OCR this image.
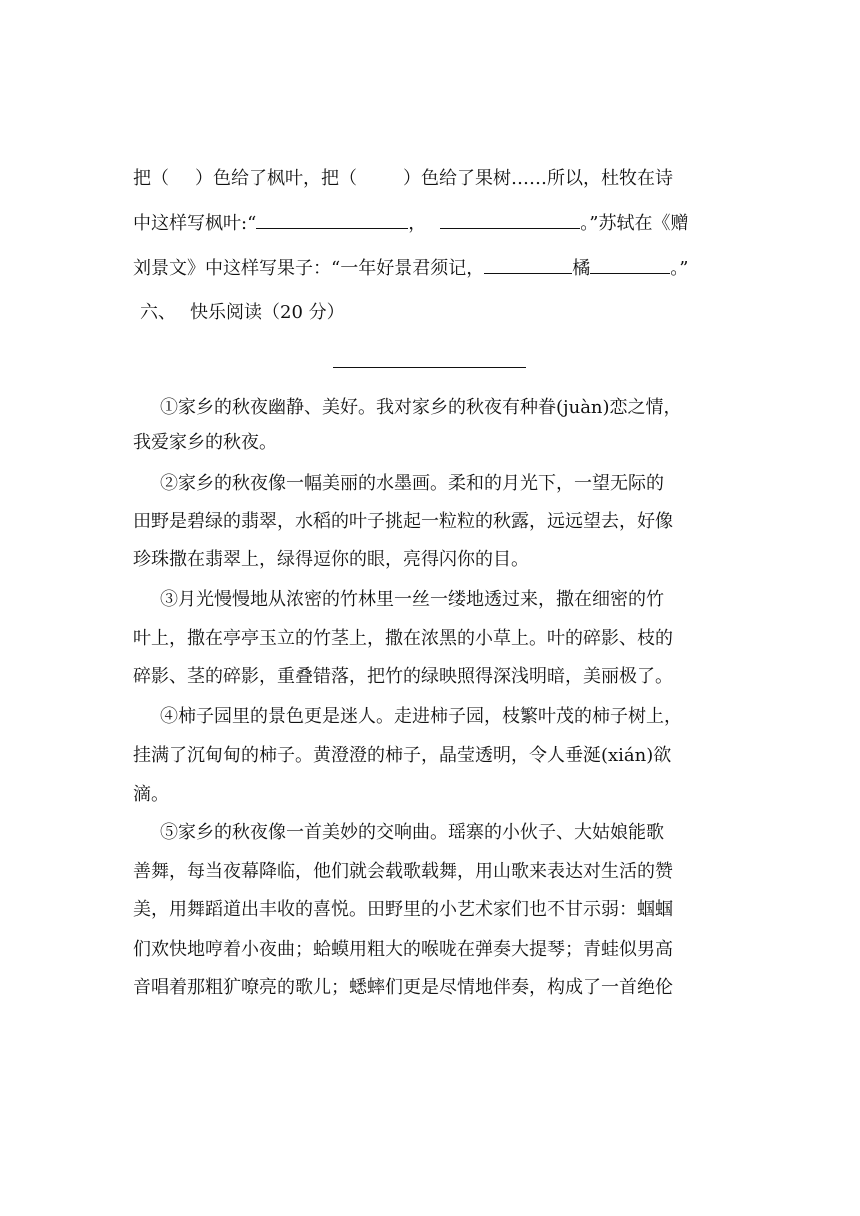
把（ ）色给了枫叶，把（	）色给了果树……所以，杜牧在诗
中这样写枫叶:“	，	。”苏轼在《赠
刘景文》中这样写果子：“一年好景君须记，	橘	。”
六、 快乐阅读（20 分）
①家乡的秋夜幽静、美好。我对家乡的秋夜有种眷(juàn)恋之情，
我爱家乡的秋夜。
②家乡的秋夜像一幅美丽的水墨画。柔和的月光下，一望无际的
田野是碧绿的翡翠，水稻的叶子挑起一粒粒的秋露，远远望去，好像
珍珠撒在翡翠上，绿得逗你的眼，亮得闪你的目。
③月光慢慢地从浓密的竹林里一丝一缕地透过来，撒在细密的竹
叶上，撒在亭亭玉立的竹茎上，撒在浓黑的小草上。叶的碎影、枝的
碎影、茎的碎影，重叠错落，把竹的绿映照得深浅明暗，美丽极了。
④柿子园里的景色更是迷人。走进柿子园，枝繁叶茂的柿子树上，
挂满了沉甸甸的柿子。黄澄澄的柿子，晶莹透明，令人垂涎(xián)欲
滴。
⑤家乡的秋夜像一首美妙的交响曲。瑶寨的小伙子、大姑娘能歌
善舞，每当夜幕降临，他们就会载歌载舞，用山歌来表达对生活的赞
美，用舞蹈道出丰收的喜悦。田野里的小艺术家们也不甘示弱：蝈蝈
们欢快地哼着小夜曲；蛤蟆用粗大的喉咙在弹奏大提琴；青蛙似男高
音唱着那粗犷嘹亮的歌儿；蟋蟀们更是尽情地伴奏，构成了一首绝伦
